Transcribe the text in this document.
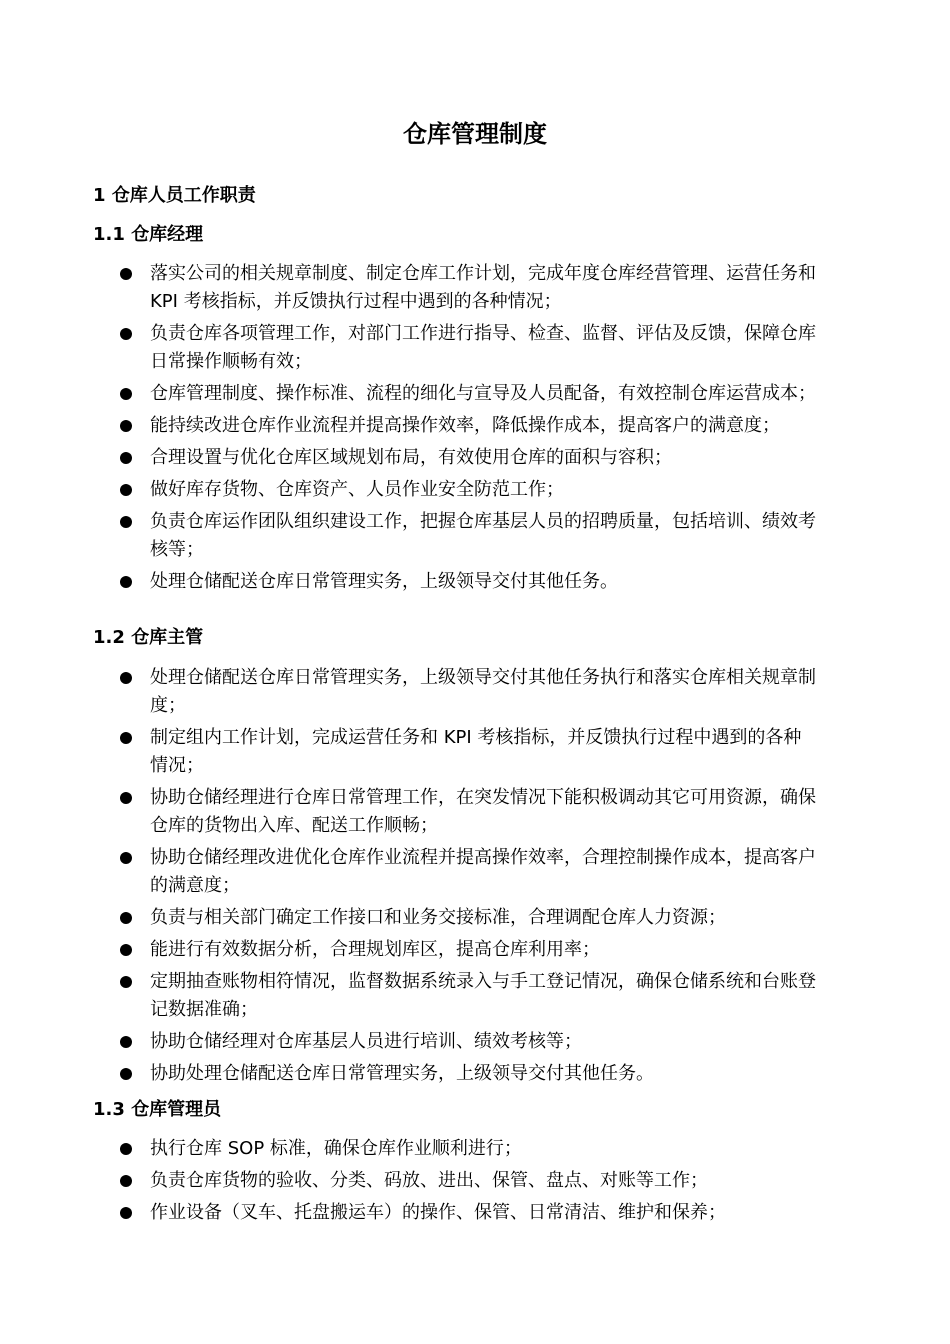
仓库管理制度
1 仓库人员工作职责
1.1 仓库经理
落实公司的相关规章制度、制定仓库工作计划，完成年度仓库经营管理、运营任务和 KPI 考核指标，并反馈执行过程中遇到的各种情况；
负责仓库各项管理工作，对部门工作进行指导、检查、监督、评估及反馈，保障仓库日常操作顺畅有效；
仓库管理制度、操作标准、流程的细化与宣导及人员配备，有效控制仓库运营成本；
能持续改进仓库作业流程并提高操作效率，降低操作成本，提高客户的满意度；
合理设置与优化仓库区域规划布局，有效使用仓库的面积与容积；
做好库存货物、仓库资产、人员作业安全防范工作；
负责仓库运作团队组织建设工作，把握仓库基层人员的招聘质量，包括培训、绩效考核等；
处理仓储配送仓库日常管理实务，上级领导交付其他任务。
1.2 仓库主管
处理仓储配送仓库日常管理实务，上级领导交付其他任务执行和落实仓库相关规章制度；
制定组内工作计划，完成运营任务和 KPI 考核指标，并反馈执行过程中遇到的各种情况；
协助仓储经理进行仓库日常管理工作，在突发情况下能积极调动其它可用资源，确保仓库的货物出入库、配送工作顺畅；
协助仓储经理改进优化仓库作业流程并提高操作效率，合理控制操作成本，提高客户的满意度；
负责与相关部门确定工作接口和业务交接标准，合理调配仓库人力资源；
能进行有效数据分析，合理规划库区，提高仓库利用率；
定期抽查账物相符情况，监督数据系统录入与手工登记情况，确保仓储系统和台账登记数据准确；
协助仓储经理对仓库基层人员进行培训、绩效考核等；
协助处理仓储配送仓库日常管理实务，上级领导交付其他任务。
1.3 仓库管理员
执行仓库 SOP 标准，确保仓库作业顺利进行；
负责仓库货物的验收、分类、码放、进出、保管、盘点、对账等工作；
作业设备（叉车、托盘搬运车）的操作、保管、日常清洁、维护和保养；
